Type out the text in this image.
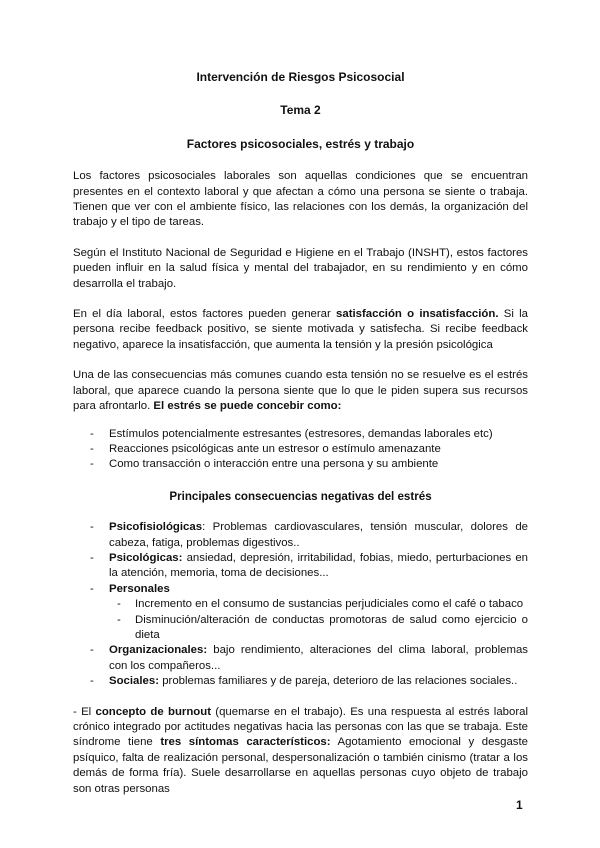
Intervención de Riesgos Psicosocial
Tema 2
Factores psicosociales, estrés y trabajo

Los factores psicosociales laborales son aquellas condiciones que se encuentran presentes en el contexto laboral y que afectan a cómo una persona se siente o trabaja. Tienen que ver con el ambiente físico, las relaciones con los demás, la organización del trabajo y el tipo de tareas.

Según el Instituto Nacional de Seguridad e Higiene en el Trabajo (INSHT), estos factores pueden influir en la salud física y mental del trabajador, en su rendimiento y en cómo desarrolla el trabajo.

En el día laboral, estos factores pueden generar satisfacción o insatisfacción. Si la persona recibe feedback positivo, se siente motivada y satisfecha. Si recibe feedback negativo, aparece la insatisfacción, que aumenta la tensión y la presión psicológica

Una de las consecuencias más comunes cuando esta tensión no se resuelve es el estrés laboral, que aparece cuando la persona siente que lo que le piden supera sus recursos para afrontarlo. El estrés se puede concebir como:

- Estímulos potencialmente estresantes (estresores, demandas laborales etc)
- Reacciones psicológicas ante un estresor o estímulo amenazante
- Como transacción o interacción entre una persona y su ambiente
Principales consecuencias negativas del estrés
- Psicofisiológicas: Problemas cardiovasculares, tensión muscular, dolores de cabeza, fatiga, problemas digestivos..
- Psicológicas: ansiedad, depresión, irritabilidad, fobias, miedo, perturbaciones en la atención, memoria, toma de decisiones...
- Personales
- Incremento en el consumo de sustancias perjudiciales como el café o tabaco
- Disminución/alteración de conductas promotoras de salud como ejercicio o dieta
- Organizacionales: bajo rendimiento, alteraciones del clima laboral, problemas con los compañeros...
- Sociales: problemas familiares y de pareja, deterioro de las relaciones sociales..

- El concepto de burnout (quemarse en el trabajo). Es una respuesta al estrés laboral crónico integrado por actitudes negativas hacia las personas con las que se trabaja. Este síndrome tiene tres síntomas característicos: Agotamiento emocional y desgaste psíquico, falta de realización personal, despersonalización o también cinismo (tratar a los demás de forma fría). Suele desarrollarse en aquellas personas cuyo objeto de trabajo son otras personas

1
